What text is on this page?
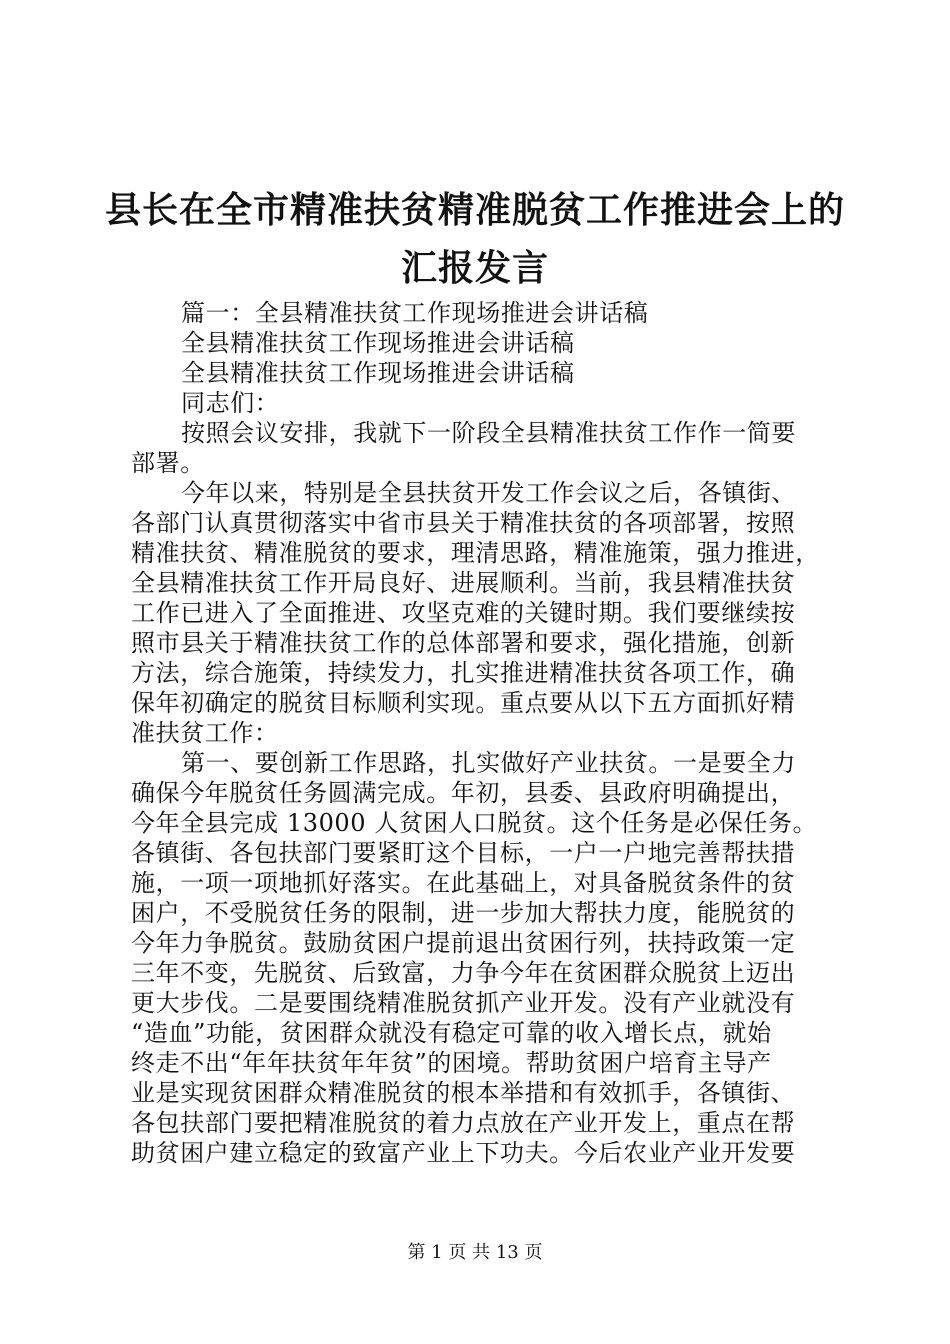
县长在全市精准扶贫精准脱贫工作推进会上的
汇报发言
篇一：全县精准扶贫工作现场推进会讲话稿
全县精准扶贫工作现场推进会讲话稿
全县精准扶贫工作现场推进会讲话稿
同志们：
按照会议安排，我就下一阶段全县精准扶贫工作作一简要
部署。
今年以来，特别是全县扶贫开发工作会议之后，各镇街、
各部门认真贯彻落实中省市县关于精准扶贫的各项部署，按照
精准扶贫、精准脱贫的要求，理清思路，精准施策，强力推进，
全县精准扶贫工作开局良好、进展顺利。当前，我县精准扶贫
工作已进入了全面推进、攻坚克难的关键时期。我们要继续按
照市县关于精准扶贫工作的总体部署和要求，强化措施，创新
方法，综合施策，持续发力，扎实推进精准扶贫各项工作，确
保年初确定的脱贫目标顺利实现。重点要从以下五方面抓好精
准扶贫工作：
第一、要创新工作思路，扎实做好产业扶贫。一是要全力
确保今年脱贫任务圆满完成。年初，县委、县政府明确提出，
今年全县完成 13000 人贫困人口脱贫。这个任务是必保任务。
各镇街、各包扶部门要紧盯这个目标，一户一户地完善帮扶措
施，一项一项地抓好落实。在此基础上，对具备脱贫条件的贫
困户，不受脱贫任务的限制，进一步加大帮扶力度，能脱贫的
今年力争脱贫。鼓励贫困户提前退出贫困行列，扶持政策一定
三年不变，先脱贫、后致富，力争今年在贫困群众脱贫上迈出
更大步伐。二是要围绕精准脱贫抓产业开发。没有产业就没有
“造血”功能，贫困群众就没有稳定可靠的收入增长点，就始
终走不出“年年扶贫年年贫”的困境。帮助贫困户培育主导产
业是实现贫困群众精准脱贫的根本举措和有效抓手，各镇街、
各包扶部门要把精准脱贫的着力点放在产业开发上，重点在帮
助贫困户建立稳定的致富产业上下功夫。今后农业产业开发要
第 1 页 共 13 页
